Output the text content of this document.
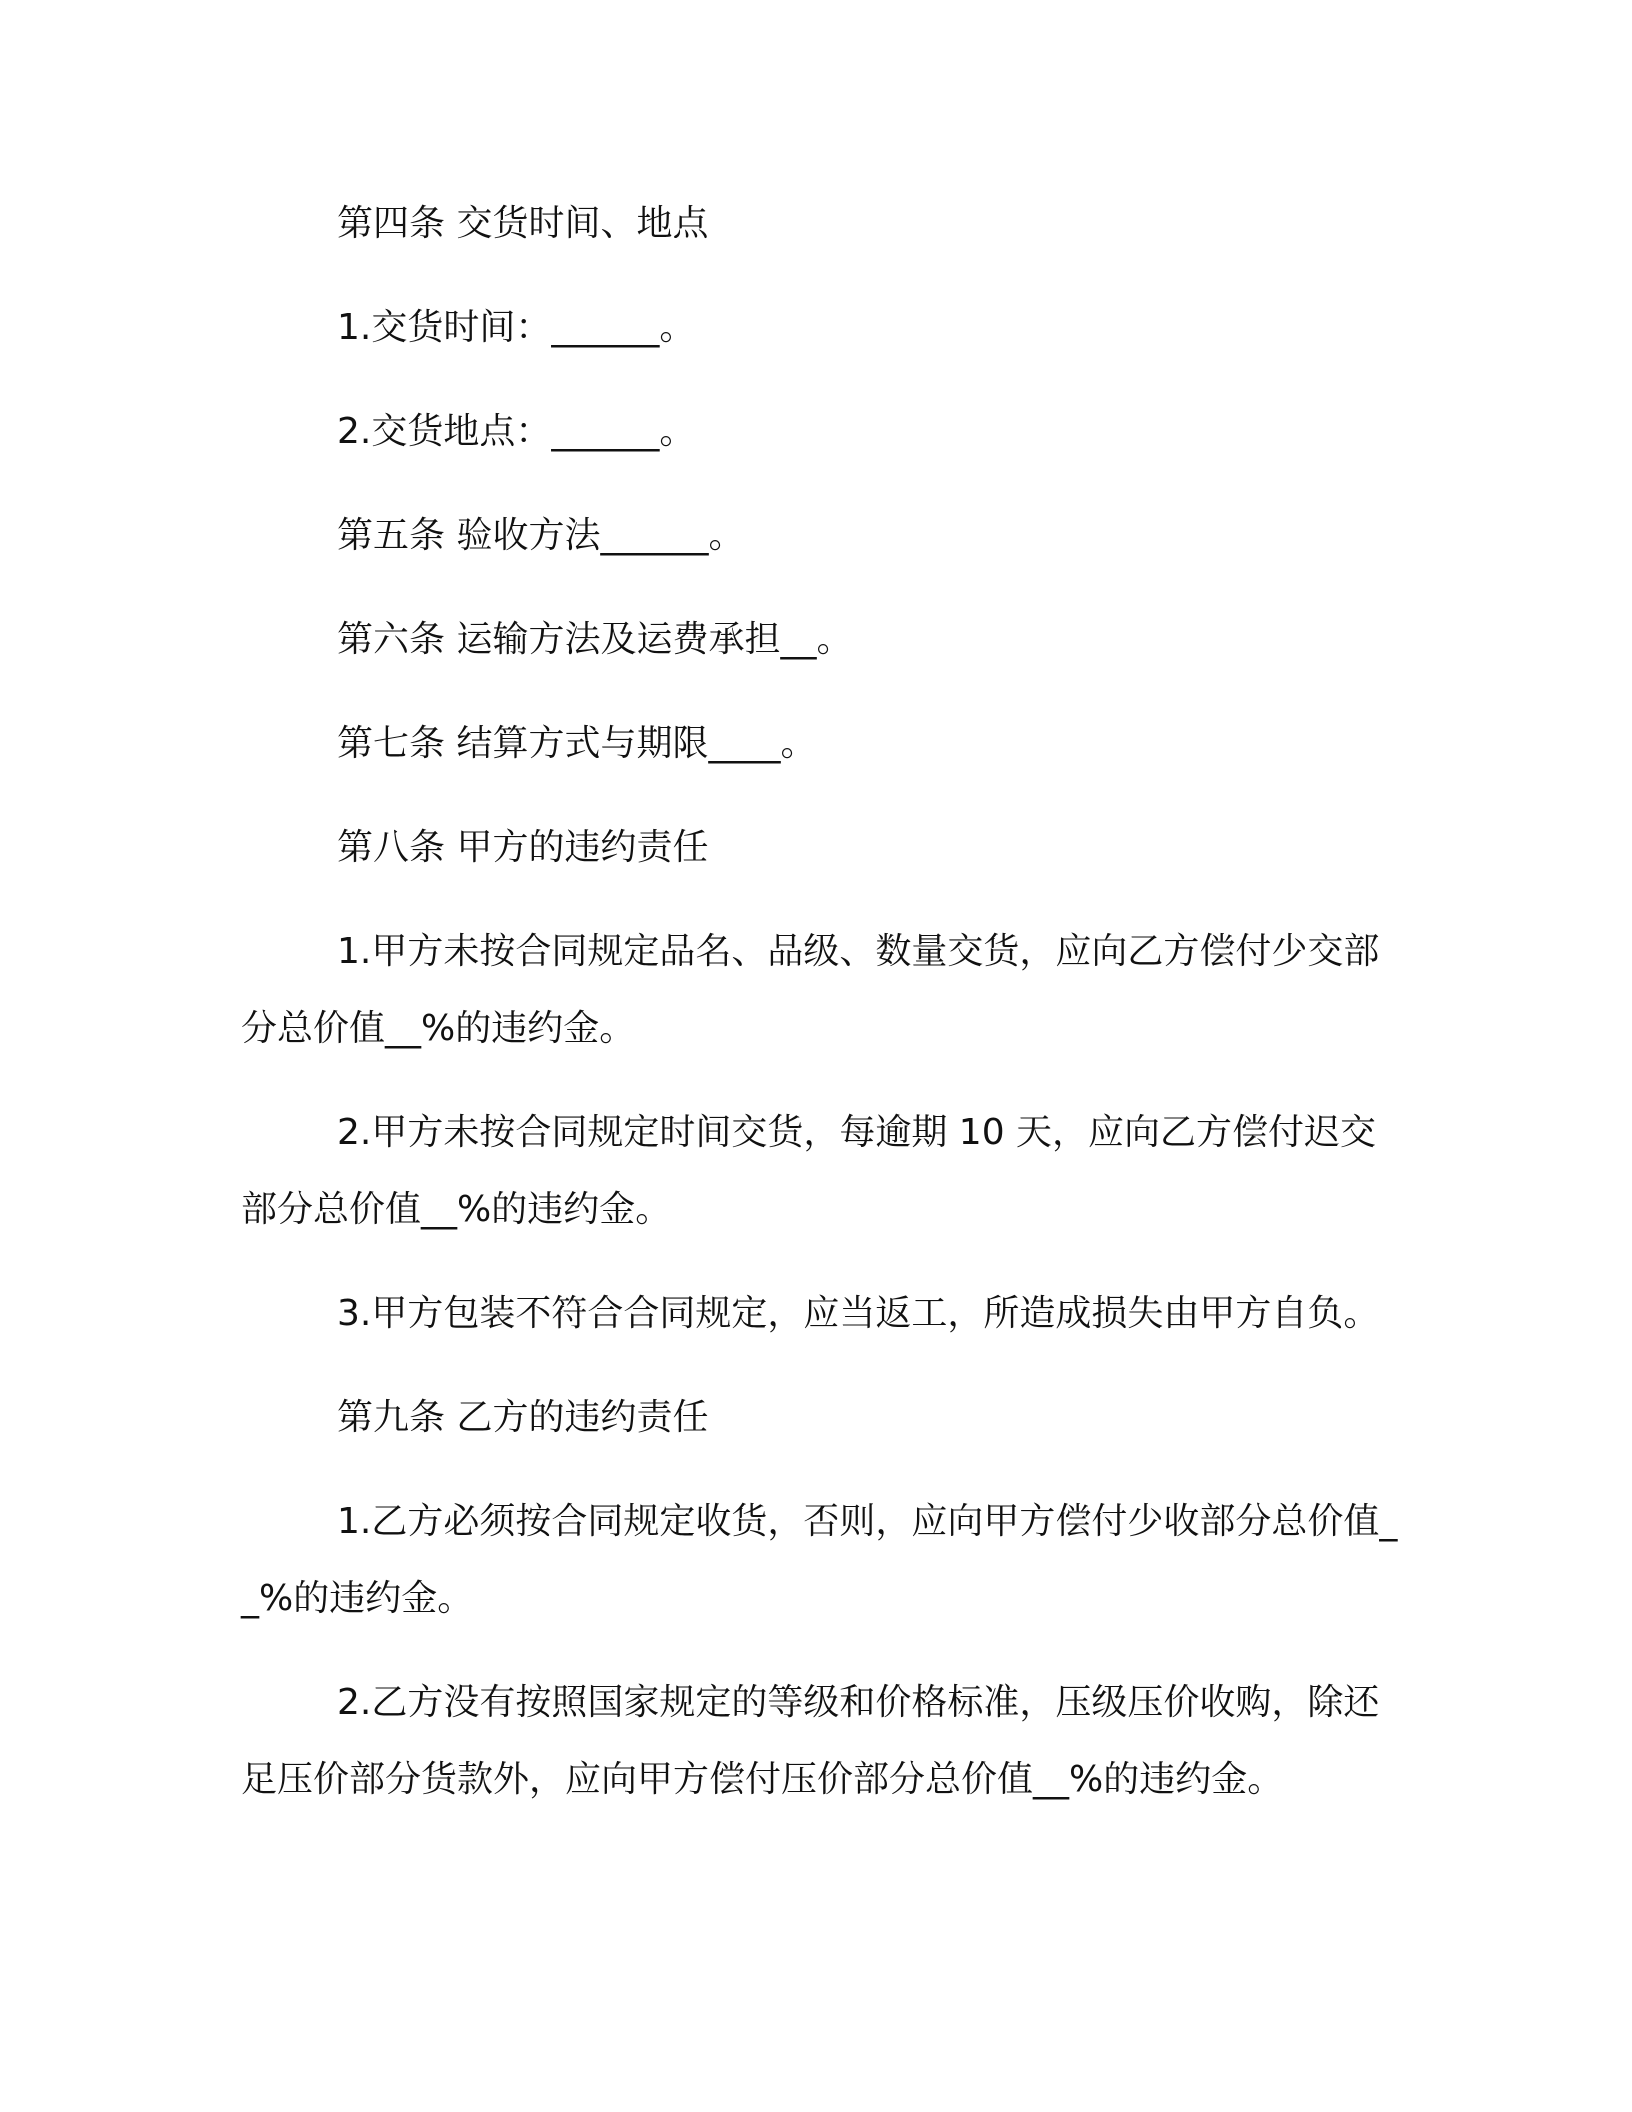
第四条 交货时间、地点

1.交货时间：______。

2.交货地点：______。

第五条 验收方法______。

第六条 运输方法及运费承担__。

第七条 结算方式与期限____。

第八条 甲方的违约责任

1.甲方未按合同规定品名、品级、数量交货，应向乙方偿付少交部分总价值__%的违约金。

2.甲方未按合同规定时间交货，每逾期 10 天，应向乙方偿付迟交部分总价值__%的违约金。

3.甲方包装不符合合同规定，应当返工，所造成损失由甲方自负。

第九条 乙方的违约责任

1.乙方必须按合同规定收货，否则，应向甲方偿付少收部分总价值__%的违约金。

2.乙方没有按照国家规定的等级和价格标准，压级压价收购，除还足压价部分货款外，应向甲方偿付压价部分总价值__%的违约金。
